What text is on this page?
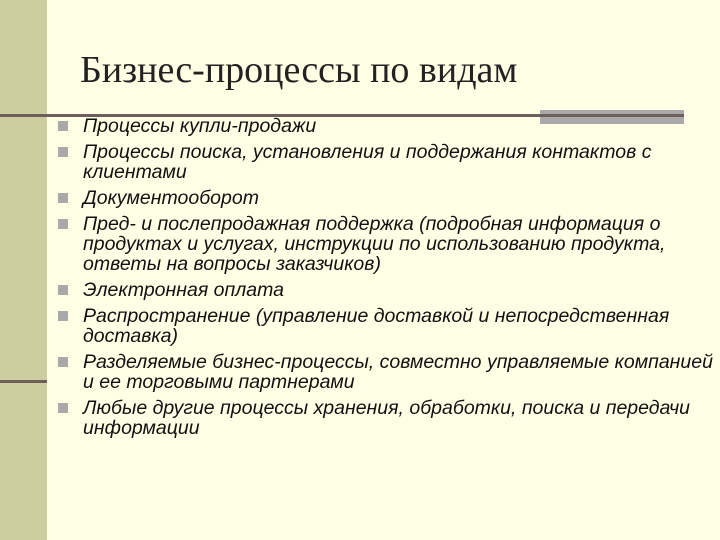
Бизнес-процессы по видам
Процессы купли-продажи
Процессы поиска, установления и поддержания контактов с клиентами
Документооборот
Пред- и послепродажная поддержка (подробная информация о продуктах и услугах, инструкции по использованию продукта, ответы на вопросы заказчиков)
Электронная оплата
Распространение (управление доставкой и непосредственная доставка)
Разделяемые бизнес-процессы, совместно управляемые компанией и ее торговыми партнерами
Любые другие процессы хранения, обработки, поиска и передачи информации
